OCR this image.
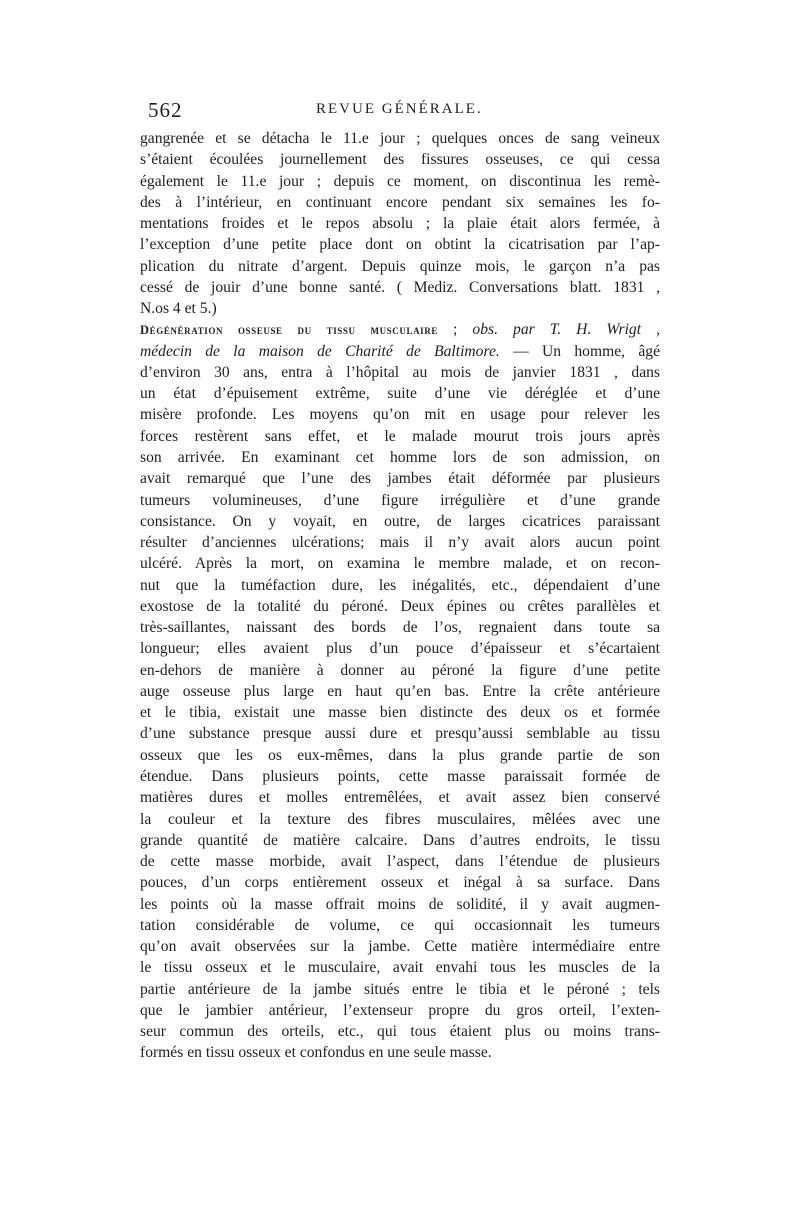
562	REVUE GÉNÉRALE.
gangrenée et se détacha le 11.e jour ; quelques onces de sang veineux
s’étaient écoulées journellement des fissures osseuses, ce qui cessa
également le 11.e jour ; depuis ce moment, on discontinua les remè-
des à l’intérieur, en continuant encore pendant six semaines les fo-
mentations froides et le repos absolu ; la plaie était alors fermée, à
l’exception d’une petite place dont on obtint la cicatrisation par l’ap-
plication du nitrate d’argent. Depuis quinze mois, le garçon n’a pas
cessé de jouir d’une bonne santé. ( Mediz. Conversations blatt. 1831 ,
N.os 4 et 5.)
Dégénération osseuse du tissu musculaire ; obs. par T. H. Wrigt ,
médecin de la maison de Charité de Baltimore. — Un homme, âgé
d’environ 30 ans, entra à l’hôpital au mois de janvier 1831 , dans
un état d’épuisement extrême, suite d’une vie déréglée et d’une
misère profonde. Les moyens qu’on mit en usage pour relever les
forces restèrent sans effet, et le malade mourut trois jours après
son arrivée. En examinant cet homme lors de son admission, on
avait remarqué que l’une des jambes était déformée par plusieurs
tumeurs volumineuses, d’une figure irrégulière et d’une grande
consistance. On y voyait, en outre, de larges cicatrices paraissant
résulter d’anciennes ulcérations; mais il n’y avait alors aucun point
ulcéré. Après la mort, on examina le membre malade, et on recon-
nut que la tuméfaction dure, les inégalités, etc., dépendaient d’une
exostose de la totalité du péroné. Deux épines ou crêtes parallèles et
très-saillantes, naissant des bords de l’os, regnaient dans toute sa
longueur; elles avaient plus d’un pouce d’épaisseur et s’écartaient
en-dehors de manière à donner au péroné la figure d’une petite
auge osseuse plus large en haut qu’en bas. Entre la crête antérieure
et le tibia, existait une masse bien distincte des deux os et formée
d’une substance presque aussi dure et presqu’aussi semblable au tissu
osseux que les os eux-mêmes, dans la plus grande partie de son
étendue. Dans plusieurs points, cette masse paraissait formée de
matières dures et molles entremêlées, et avait assez bien conservé
la couleur et la texture des fibres musculaires, mêlées avec une
grande quantité de matière calcaire. Dans d’autres endroits, le tissu
de cette masse morbide, avait l’aspect, dans l’étendue de plusieurs
pouces, d’un corps entièrement osseux et inégal à sa surface. Dans
les points où la masse offrait moins de solidité, il y avait augmen-
tation considérable de volume, ce qui occasionnait les tumeurs
qu’on avait observées sur la jambe. Cette matière intermédiaire entre
le tissu osseux et le musculaire, avait envahi tous les muscles de la
partie antérieure de la jambe situés entre le tibia et le péroné ; tels
que le jambier antérieur, l’extenseur propre du gros orteil, l’exten-
seur commun des orteils, etc., qui tous étaient plus ou moins trans-
formés en tissu osseux et confondus en une seule masse.
